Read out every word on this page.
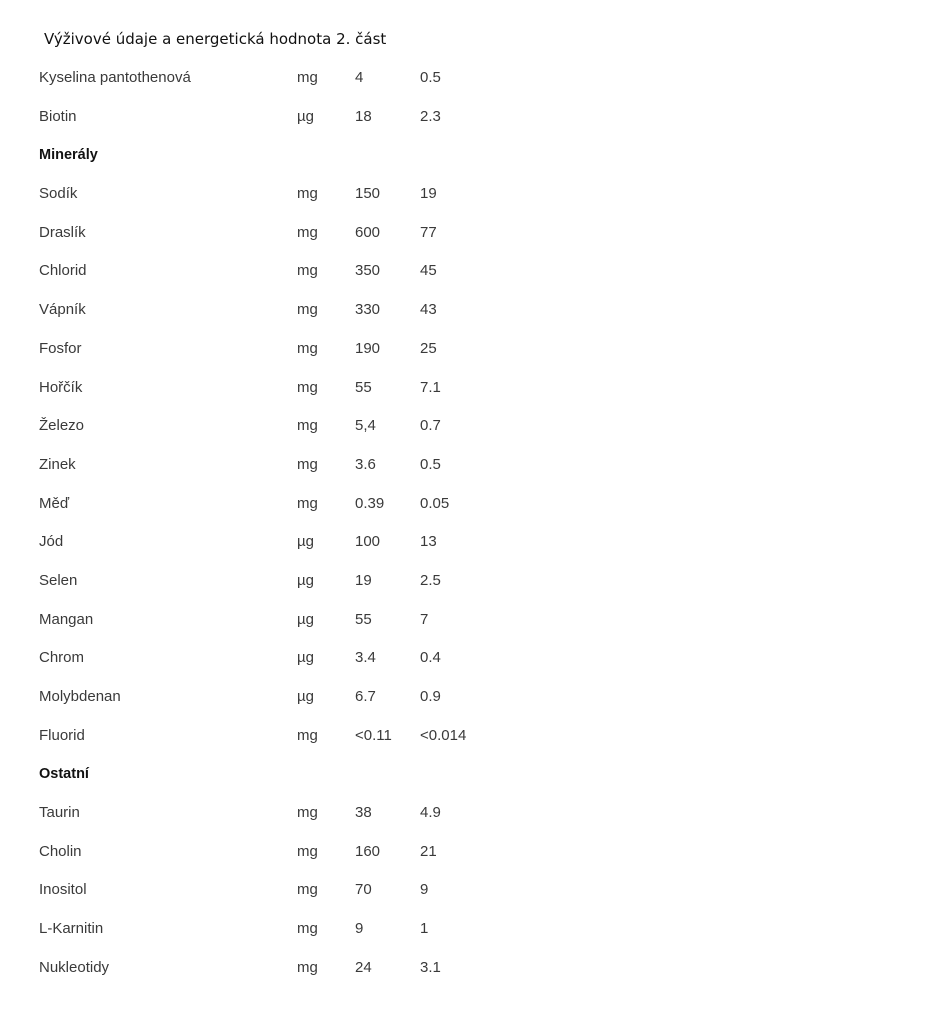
Výživové údaje a energetická hodnota 2. část
Kyselina pantothenová	mg 4	0.5
Biotin	µg	18	2.3
Minerály
Sodík	mg 150	19
Draslík	mg 600	77
Chlorid	mg 350	45
Vápník	mg 330	43
Fosfor	mg 190	25
Hořčík	mg 55	7.1
Železo	mg 5,4	0.7
Zinek	mg 3.6	0.5
Měď	mg 0.39 0.05
Jód	µg	100	13
Selen	µg	19	2.5
Mangan	µg	55	7
Chrom	µg	3.4	0.4
Molybdenan	µg	6.7	0.9
Fluorid	mg <0.11 <0.014
Ostatní
Taurin	mg 38	4.9
Cholin	mg 160	21
Inositol	mg 70	9
L-Karnitin	mg 9	1
Nukleotidy	mg 24	3.1
